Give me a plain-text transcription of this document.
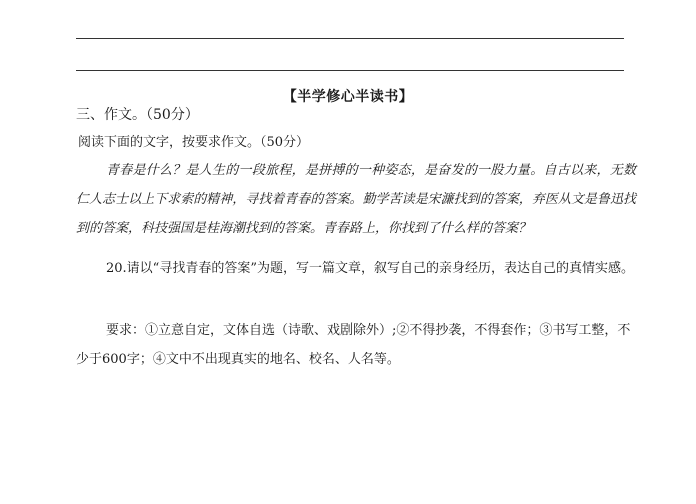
【半学修心半读书】
三、作文。（50分）
阅读下面的文字，按要求作文。（50分）

青春是什么？是人生的一段旅程，是拼搏的一种姿态，是奋发的一股力量。自古以来，无数仁人志士以上下求索的精神，寻找着青春的答案。勤学苦读是宋濂找到的答案，弃医从文是鲁迅找到的答案，科技强国是桂海潮找到的答案。青春路上，你找到了什么样的答案？

20.请以“寻找青春的答案”为题，写一篇文章，叙写自己的亲身经历，表达自己的真情实感。

要求：①立意自定，文体自选（诗歌、戏剧除外）;②不得抄袭，不得套作；③书写工整，不少于600字；④文中不出现真实的地名、校名、人名等。
